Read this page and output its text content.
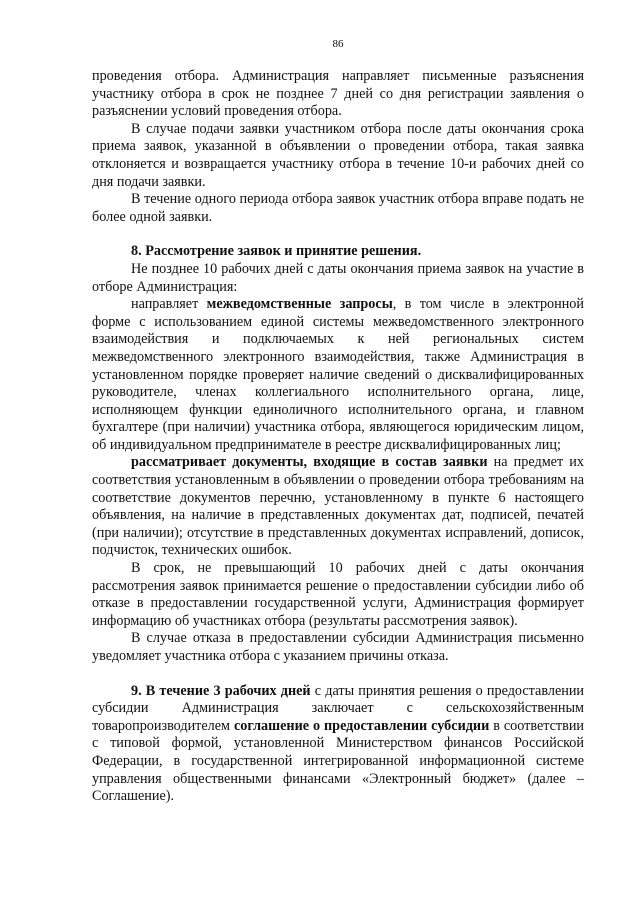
86

проведения отбора. Администрация направляет письменные разъяснения участнику отбора в срок не позднее 7 дней со дня регистрации заявления о разъяснении условий проведения отбора.

В случае подачи заявки участником отбора после даты окончания срока приема заявок, указанной в объявлении о проведении отбора, такая заявка отклоняется и возвращается участнику отбора в течение 10-и рабочих дней со дня подачи заявки.

В течение одного периода отбора заявок участник отбора вправе подать не более одной заявки.

8. Рассмотрение заявок и принятие решения.

Не позднее 10 рабочих дней с даты окончания приема заявок на участие в отборе Администрация:

направляет межведомственные запросы, в том числе в электронной форме с использованием единой системы межведомственного электронного взаимодействия и подключаемых к ней региональных систем межведомственного электронного взаимодействия, также Администрация в установленном порядке проверяет наличие сведений о дисквалифицированных руководителе, членах коллегиального исполнительного органа, лице, исполняющем функции единоличного исполнительного органа, и главном бухгалтере (при наличии) участника отбора, являющегося юридическим лицом, об индивидуальном предпринимателе в реестре дисквалифицированных лиц;

рассматривает документы, входящие в состав заявки на предмет их соответствия установленным в объявлении о проведении отбора требованиям на соответствие документов перечню, установленному в пункте 6 настоящего объявления, на наличие в представленных документах дат, подписей, печатей (при наличии); отсутствие в представленных документах исправлений, дописок, подчисток, технических ошибок.

В срок, не превышающий 10 рабочих дней с даты окончания рассмотрения заявок принимается решение о предоставлении субсидии либо об отказе в предоставлении государственной услуги, Администрация формирует информацию об участниках отбора (результаты рассмотрения заявок).

В случае отказа в предоставлении субсидии Администрация письменно уведомляет участника отбора с указанием причины отказа.

9. В течение 3 рабочих дней с даты принятия решения о предоставлении субсидии Администрация заключает с сельскохозяйственным товаропроизводителем соглашение о предоставлении субсидии в соответствии с типовой формой, установленной Министерством финансов Российской Федерации, в государственной интегрированной информационной системе управления общественными финансами «Электронный бюджет» (далее – Соглашение).
